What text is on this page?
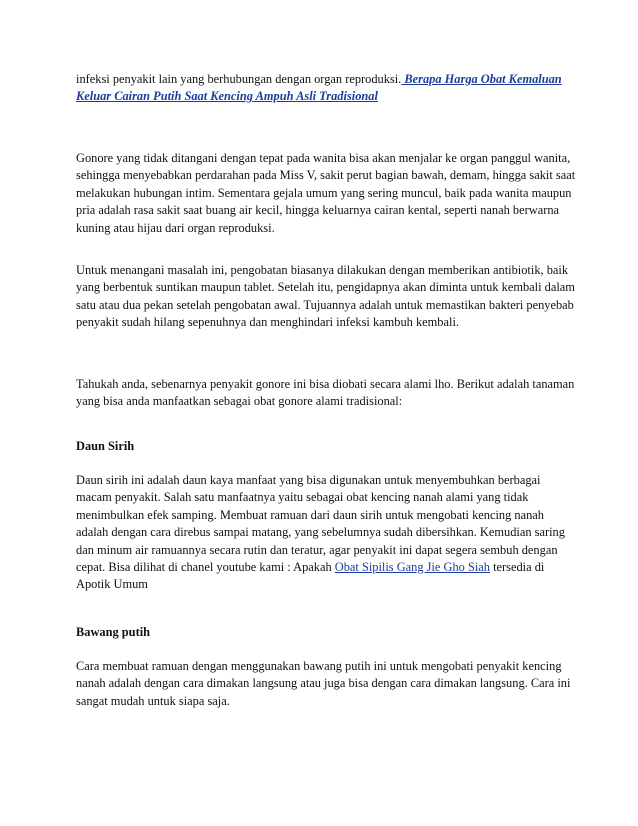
infeksi penyakit lain yang berhubungan dengan organ reproduksi. Berapa Harga Obat Kemaluan Keluar Cairan Putih Saat Kencing Ampuh Asli Tradisional

Gonore yang tidak ditangani dengan tepat pada wanita bisa akan menjalar ke organ panggul wanita, sehingga menyebabkan perdarahan pada Miss V, sakit perut bagian bawah, demam, hingga sakit saat melakukan hubungan intim. Sementara gejala umum yang sering muncul, baik pada wanita maupun pria adalah rasa sakit saat buang air kecil, hingga keluarnya cairan kental, seperti nanah berwarna kuning atau hijau dari organ reproduksi.

Untuk menangani masalah ini, pengobatan biasanya dilakukan dengan memberikan antibiotik, baik yang berbentuk suntikan maupun tablet. Setelah itu, pengidapnya akan diminta untuk kembali dalam satu atau dua pekan setelah pengobatan awal. Tujuannya adalah untuk memastikan bakteri penyebab penyakit sudah hilang sepenuhnya dan menghindari infeksi kambuh kembali.

Tahukah anda, sebenarnya penyakit gonore ini bisa diobati secara alami lho. Berikut adalah tanaman yang bisa anda manfaatkan sebagai obat gonore alami tradisional:

Daun Sirih

Daun sirih ini adalah daun kaya manfaat yang bisa digunakan untuk menyembuhkan berbagai macam penyakit. Salah satu manfaatnya yaitu sebagai obat kencing nanah alami yang tidak menimbulkan efek samping. Membuat ramuan dari daun sirih untuk mengobati kencing nanah adalah dengan cara direbus sampai matang, yang sebelumnya sudah dibersihkan. Kemudian saring dan minum air ramuannya secara rutin dan teratur, agar penyakit ini dapat segera sembuh dengan cepat. Bisa dilihat di chanel youtube kami : Apakah Obat Sipilis Gang Jie Gho Siah tersedia di Apotik Umum

Bawang putih

Cara membuat ramuan dengan menggunakan bawang putih ini untuk mengobati penyakit kencing nanah adalah dengan cara dimakan langsung atau juga bisa dengan cara dimakan langsung. Cara ini sangat mudah untuk siapa saja.
